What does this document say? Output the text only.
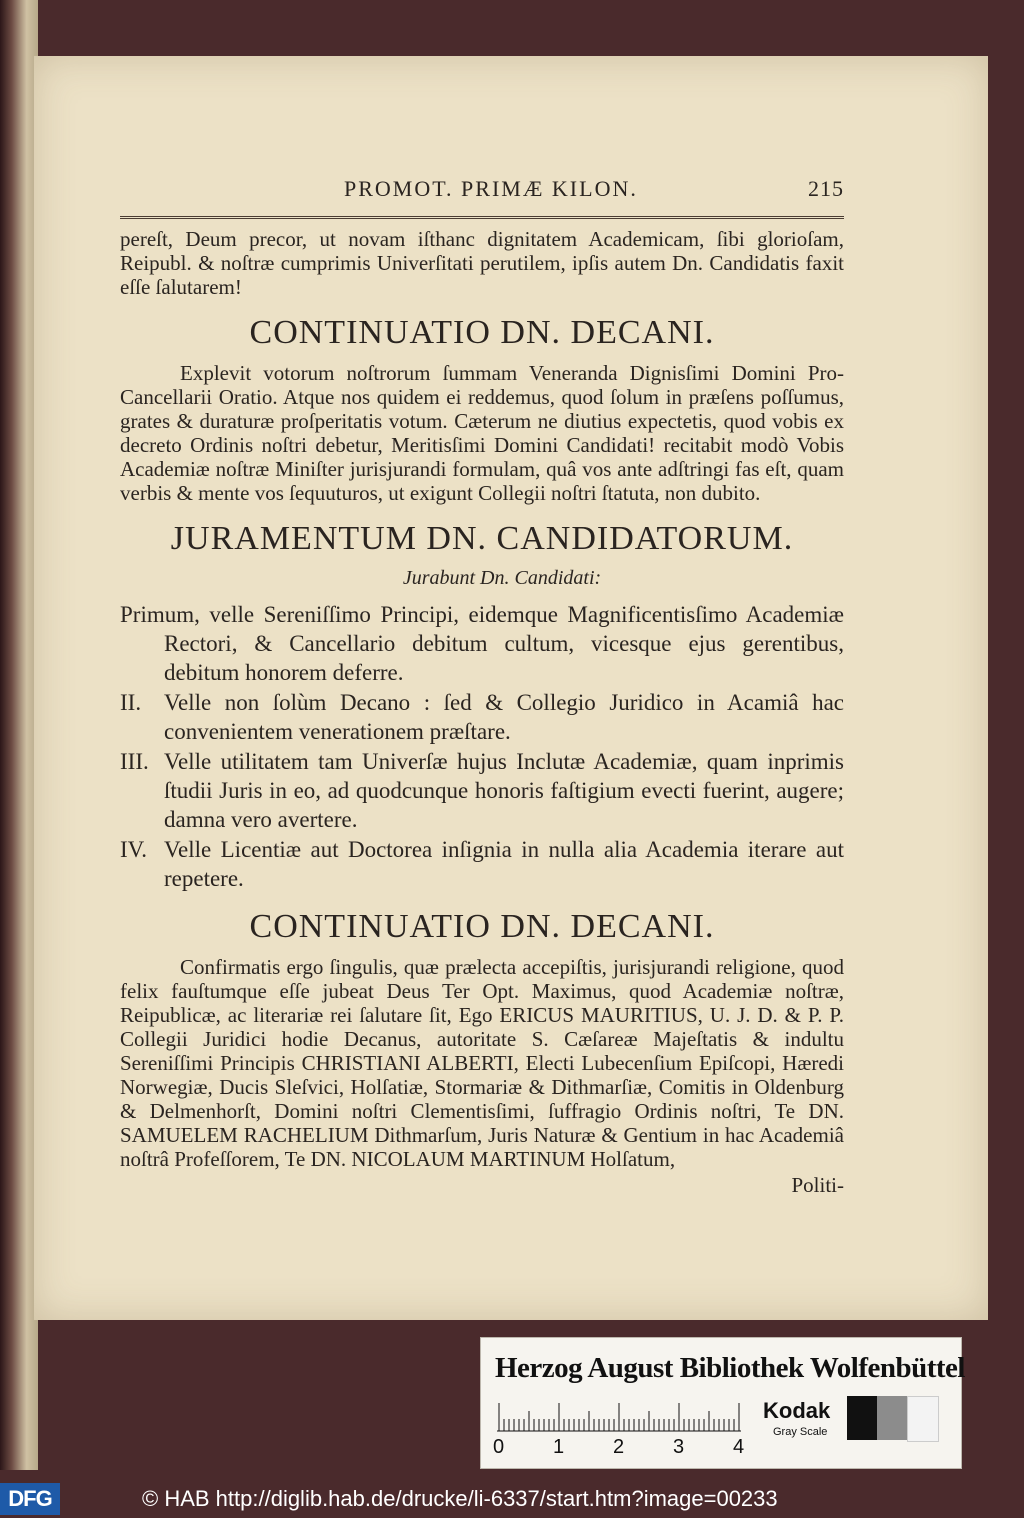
PROMOT. PRIMÆ KILON.	215

pereſt, Deum precor, ut novam iſthanc dignitatem Academicam, ſibi glorioſam, Reipubl. & noſtræ cumprimis Univerſitati perutilem, ipſis autem Dn. Candidatis faxit eſſe ſalutarem!

CONTINUATIO DN. DECANI.

Explevit votorum noſtrorum ſummam Veneranda Dignisſimi Domini Pro-Cancellarii Oratio. Atque nos quidem ei reddemus, quod ſolum in præſens poſſumus, grates & duraturæ proſperitatis votum. Cæterum ne diutius expectetis, quod vobis ex decreto Ordinis noſtri debetur, Meritisſimi Domini Candidati! recitabit modò Vobis Academiæ noſtræ Miniſter jurisjurandi formulam, quâ vos ante adſtringi fas eſt, quam verbis & mente vos ſequuturos, ut exigunt Collegii noſtri ſtatuta, non dubito.

JURAMENTUM DN. CANDIDATORUM.
Jurabunt Dn. Candidati:

Primum, velle Sereniſſimo Principi, eidemque Magnificentisſimo Academiæ Rectori, & Cancellario debitum cultum, vicesque ejus gerentibus, debitum honorem deferre.

II. Velle non ſolùm Decano : ſed & Collegio Juridico in Acamiâ hac convenientem venerationem præſtare.
III. Velle utilitatem tam Univerſæ hujus Inclutæ Academiæ, quam inprimis ſtudii Juris in eo, ad quodcunque honoris faſtigium evecti fuerint, augere; damna vero avertere.
IV. Velle Licentiæ aut Doctorea inſignia in nulla alia Academia iterare aut repetere.
CONTINUATIO DN. DECANI.

Confirmatis ergo ſingulis, quæ prælecta accepiſtis, jurisjurandi religione, quod felix fauſtumque eſſe jubeat Deus Ter Opt. Maximus, quod Academiæ noſtræ, Reipublicæ, ac literariæ rei ſalutare ſit, Ego ERICUS MAURITIUS, U. J. D. & P. P. Collegii Juridici hodie Decanus, autoritate S. Cæſareæ Majeſtatis & indultu Sereniſſimi Principis CHRISTIANI ALBERTI, Electi Lubecenſium Epiſcopi, Hæredi Norwegiæ, Ducis Sleſvici, Holſatiæ, Stormariæ & Dithmarſiæ, Comitis in Oldenburg & Delmenhorſt, Domini noſtri Clementisſimi, ſuffragio Ordinis noſtri, Te DN. SAMUELEM RACHELIUM Dithmarſum, Juris Naturæ & Gentium in hac Academiâ noſtrâ Profeſſorem, Te DN. NICOLAUM MARTINUM Holſatum,

Politi-
Herzog August Bibliothek Wolfenbüttel
0 1 2 3 4
Kodak
Gray Scale
DFG	© HAB http://diglib.hab.de/drucke/li-6337/start.htm?image=00233
